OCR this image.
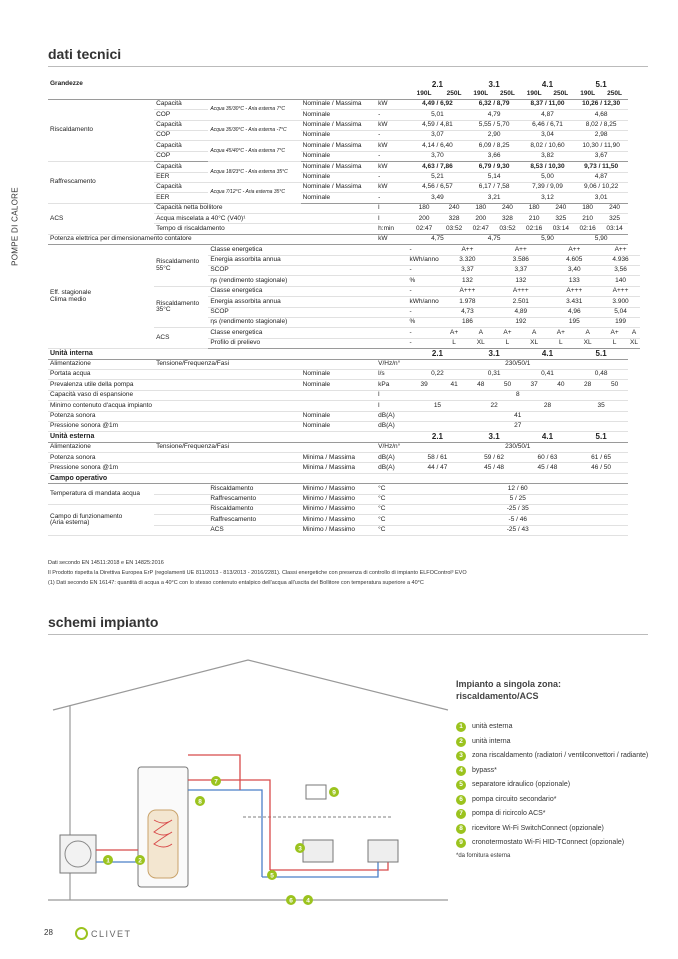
POMPE DI CALORE
dati tecnici
Grandezze					2.1		3.1		4.1		5.1		
					190L	250L	190L	250L	190L	250L	190L	250L	
Riscaldamento	Capacità	Acqua 35/30°C - Aria esterna 7°C	Nominale / Massima	kW	4,49 / 6,92		6,32 / 8,79		8,37 / 11,00		10,26 / 12,30		
	COP		Nominale	-	5,01		4,79		4,87		4,68		
	Capacità	Acqua 35/30°C - Aria esterna -7°C	Nominale / Massima	kW	4,59 / 4,81		5,55 / 5,70		6,46 / 6,71		8,02 / 8,25		
	COP		Nominale	-	3,07		2,90		3,04		2,98		
	Capacità	Acqua 45/40°C - Aria esterna 7°C	Nominale / Massima	kW	4,14 / 6,40		6,09 / 8,25		8,02 / 10,60		10,30 / 11,90		
	COP		Nominale	-	3,70		3,66		3,82		3,67		
Raffrescamento	Capacità	Acqua 18/23°C - Aria esterna 35°C	Nominale / Massima	kW	4,63 / 7,86		6,79 / 9,30		8,53 / 10,30		9,73 / 11,50		
	EER		Nominale	-	5,21		5,14		5,00		4,87		
	Capacità	Acqua 7/12°C - Aria esterna 35°C	Nominale / Massima	kW	4,56 / 6,57		6,17 / 7,58		7,39 / 9,09		9,06 / 10,22		
	EER		Nominale	-	3,49		3,21		3,12		3,01		
ACS	Capacità netta bollitore			l	180	240	180	240	180	240	180	240	
	Acqua miscelata a 40°C (V40)¹			l	200	328	200	328	210	325	210	325	
	Tempo di riscaldamento			h:min	02:47	03:52	02:47	03:52	02:16	03:14	02:16	03:14	
Potenza elettrica per dimensionamento contatore				kW	4,75		4,75		5,90		5,90		
Eff. stagionale
Clima medio	Riscaldamento
55°C	Classe energetica			-	A++		A++		A++		A++	
		Energia assorbita annua			kWh/anno	3.320		3.586		4.605		4.936	
		SCOP			-	3,37		3,37		3,40		3,56	
		ηs (rendimento stagionale)			%	132		132		133		140	
	Riscaldamento
35°C	Classe energetica			-	A+++		A+++		A+++		A+++	
		Energia assorbita annua			kWh/anno	1.978		2.501		3.431		3.900	
		SCOP			-	4,73		4,89		4,96		5,04	
		ηs (rendimento stagionale)			%	186		192		195		199	
	ACS	Classe energetica			-	A+	A	A+	A	A+	A	A+	A
		Profilo di prelievo			-	L	XL	L	XL	L	XL	L	XL
Unità interna					2.1		3.1		4.1		5.1		
Alimentazione	Tensione/Frequenza/Fasi			V/Hz/n°	230/50/1								
Portata acqua			Nominale	l/s	0,22		0,31		0,41		0,48		
Prevalenza utile della pompa			Nominale	kPa	39	41	48	50	37	40	28	50	
Capacità vaso di espansione				l	8								
Minimo contenuto d'acqua impianto				l	15		22		28		35		
Potenza sonora			Nominale	dB(A)	41								
Pressione sonora @1m			Nominale	dB(A)	27								
Unità esterna					2.1		3.1		4.1		5.1		
Alimentazione	Tensione/Frequenza/Fasi			V/Hz/n°	230/50/1								
Potenza sonora			Minima / Massima	dB(A)	58 / 61		59 / 62		60 / 63		61 / 65		
Pressione sonora @1m			Minima / Massima	dB(A)	44 / 47		45 / 48		45 / 48		46 / 50		
Campo operativo													
Temperatura di mandata acqua		Riscaldamento	Minimo / Massimo	°C	12 / 60								
		Raffrescamento	Minimo / Massimo	°C	5 / 25								
Campo di funzionamento
(Aria esterna)		Riscaldamento	Minimo / Massimo	°C	-25 / 35								
		Raffrescamento	Minimo / Massimo	°C	-5 / 46								
		ACS	Minimo / Massimo	°C	-25 / 43								
Dati secondo EN 14511:2018 e EN 14825:2016
Il Prodotto rispetta la Direttiva Europea ErP (regolamenti UE 811/2013 - 813/2013 - 2016/2281). Classi energetiche con presenza di controllo di impianto ELFOControl³ EVO
(1) Dati secondo EN 16147: quantità di acqua a 40°C con lo stesso contenuto entalpico dell'acqua all'uscita del Bollitore con temperatura superiore a 40°C
schemi impianto
1	2
3
4
5
6
7
8
9
Impianto a singola zona:
riscaldamento/ACS
1	unità esterna
2	unità interna
3	zona riscaldamento (radiatori / ventilconvettori / radiante)
4	bypass*
5	separatore idraulico (opzionale)
6	pompa circuito secondario*
7	pompa di ricircolo ACS*
8	ricevitore Wi-Fi SwitchConnect (opzionale)
9	cronotermostato Wi-Fi HID-TConnect (opzionale)
*da fornitura esterna
28	CLIVET
